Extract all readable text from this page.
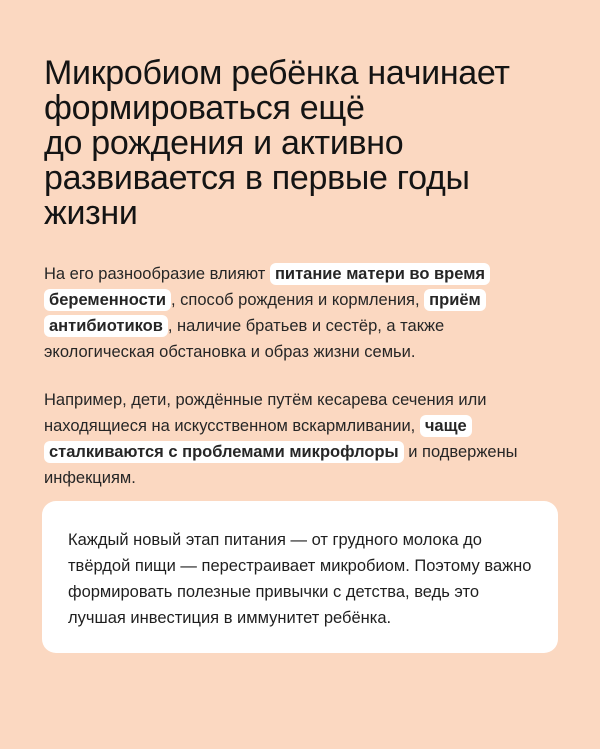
Микробиом ребёнка начинает
формироваться ещё
до рождения и активно
развивается в первые годы
жизни

На его разнообразие влияют питание матери во время беременности , способ рождения и кормления, приём антибиотиков , наличие братьев и сестёр, а также экологическая обстановка и образ жизни семьи.

Например, дети, рождённые путём кесарева сечения или находящиеся на искусственном вскармливании, чаще сталкиваются с проблемами микрофлоры и подвержены инфекциям.

Каждый новый этап питания — от грудного молока до твёрдой пищи — перестраивает микробиом. Поэтому важно формировать полезные привычки с детства, ведь это лучшая инвестиция в иммунитет ребёнка.
